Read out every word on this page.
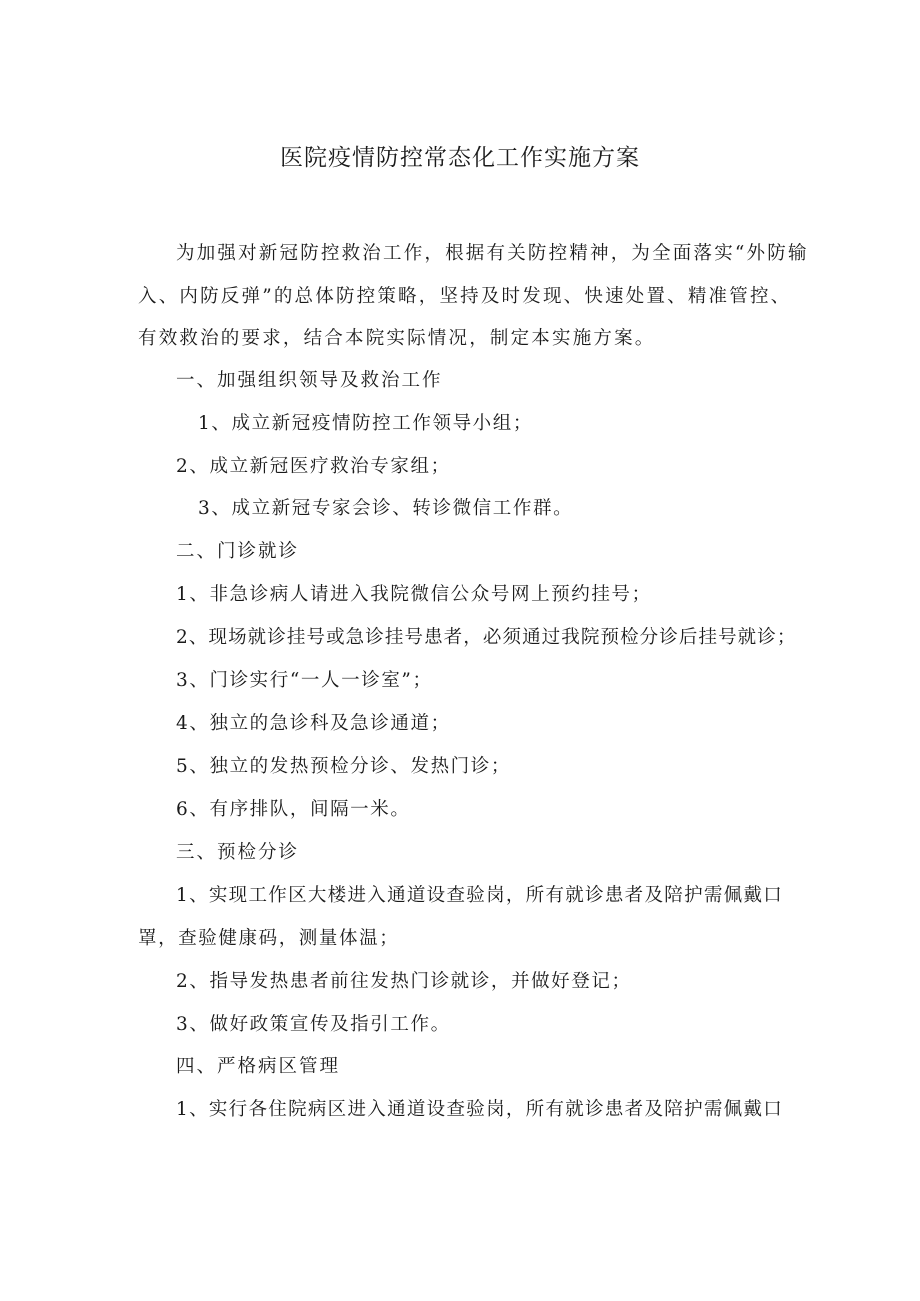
医院疫情防控常态化工作实施方案
为加强对新冠防控救治工作，根据有关防控精神，为全面落实“外防输
入、内防反弹”的总体防控策略，坚持及时发现、快速处置、精准管控、
有效救治的要求，结合本院实际情况，制定本实施方案。
一、加强组织领导及救治工作
1、成立新冠疫情防控工作领导小组；
2、成立新冠医疗救治专家组；
3、成立新冠专家会诊、转诊微信工作群。
二、门诊就诊
1、非急诊病人请进入我院微信公众号网上预约挂号；
2、现场就诊挂号或急诊挂号患者，必须通过我院预检分诊后挂号就诊；
3、门诊实行“一人一诊室”；
4、独立的急诊科及急诊通道；
5、独立的发热预检分诊、发热门诊；
6、有序排队，间隔一米。
三、预检分诊
1、实现工作区大楼进入通道设查验岗，所有就诊患者及陪护需佩戴口
罩，查验健康码，测量体温；
2、指导发热患者前往发热门诊就诊，并做好登记；
3、做好政策宣传及指引工作。
四、严格病区管理
1、实行各住院病区进入通道设查验岗，所有就诊患者及陪护需佩戴口
